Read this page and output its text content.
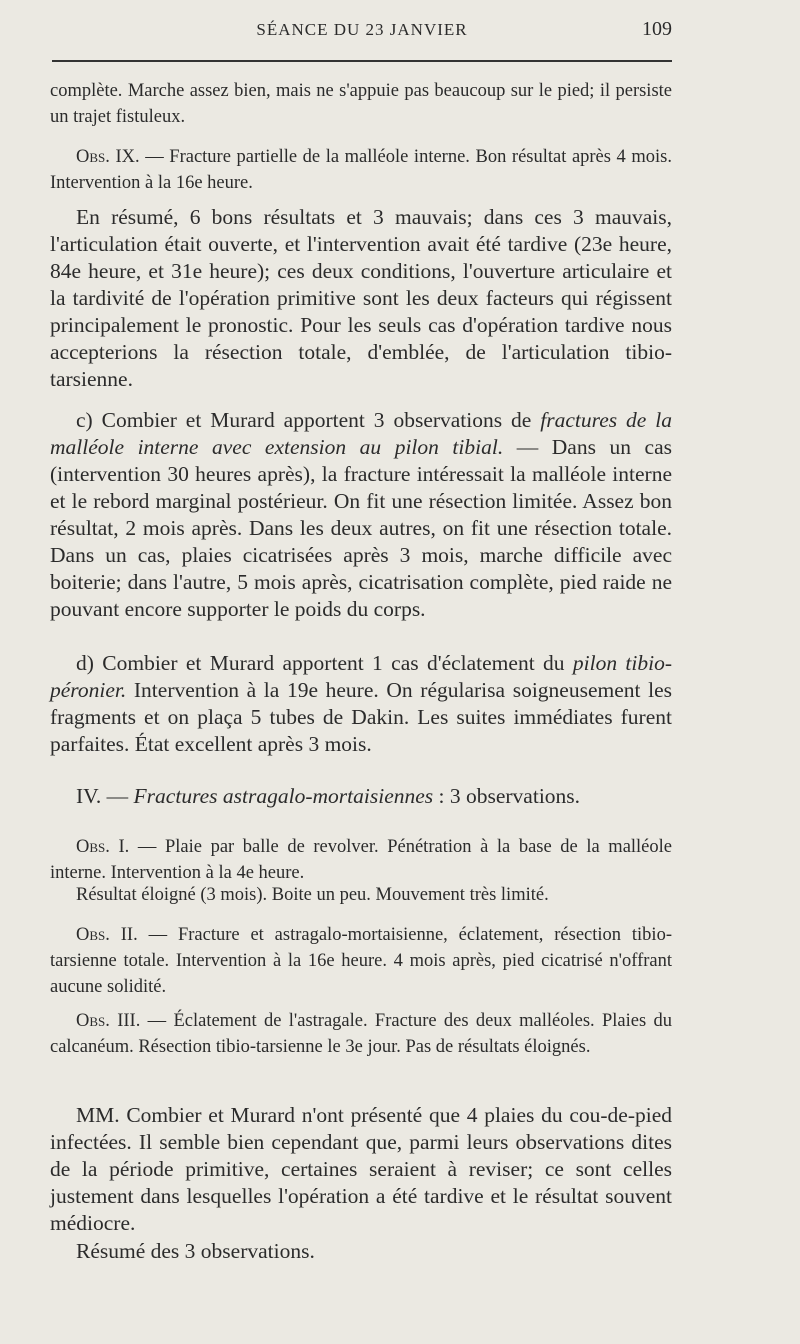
SÉANCE DU 23 JANVIER	109

complète. Marche assez bien, mais ne s'appuie pas beaucoup sur le pied; il persiste un trajet fistuleux.

Obs. IX. — Fracture partielle de la malléole interne. Bon résultat après 4 mois. Intervention à la 16e heure.

En résumé, 6 bons résultats et 3 mauvais; dans ces 3 mauvais, l'articulation était ouverte, et l'intervention avait été tardive (23e heure, 84e heure, et 31e heure); ces deux conditions, l'ouverture articulaire et la tardivité de l'opération primitive sont les deux facteurs qui régissent principalement le pronostic. Pour les seuls cas d'opération tardive nous accepterions la résection totale, d'emblée, de l'articulation tibio-tarsienne.

c) Combier et Murard apportent 3 observations de fractures de la malléole interne avec extension au pilon tibial. — Dans un cas (intervention 30 heures après), la fracture intéressait la malléole interne et le rebord marginal postérieur. On fit une résection limitée. Assez bon résultat, 2 mois après. Dans les deux autres, on fit une résection totale. Dans un cas, plaies cicatrisées après 3 mois, marche difficile avec boiterie; dans l'autre, 5 mois après, cicatrisation complète, pied raide ne pouvant encore supporter le poids du corps.

d) Combier et Murard apportent 1 cas d'éclatement du pilon tibio-péronier. Intervention à la 19e heure. On régularisa soigneusement les fragments et on plaça 5 tubes de Dakin. Les suites immédiates furent parfaites. État excellent après 3 mois.

IV. — Fractures astragalo-mortaisiennes : 3 observations.

Obs. I. — Plaie par balle de revolver. Pénétration à la base de la malléole interne. Intervention à la 4e heure.

Résultat éloigné (3 mois). Boite un peu. Mouvement très limité.

Obs. II. — Fracture et astragalo-mortaisienne, éclatement, résection tibio-tarsienne totale. Intervention à la 16e heure. 4 mois après, pied cicatrisé n'offrant aucune solidité.

Obs. III. — Éclatement de l'astragale. Fracture des deux malléoles. Plaies du calcanéum. Résection tibio-tarsienne le 3e jour. Pas de résultats éloignés.

MM. Combier et Murard n'ont présenté que 4 plaies du cou-de-pied infectées. Il semble bien cependant que, parmi leurs observations dites de la période primitive, certaines seraient à reviser; ce sont celles justement dans lesquelles l'opération a été tardive et le résultat souvent médiocre.

Résumé des 3 observations.
